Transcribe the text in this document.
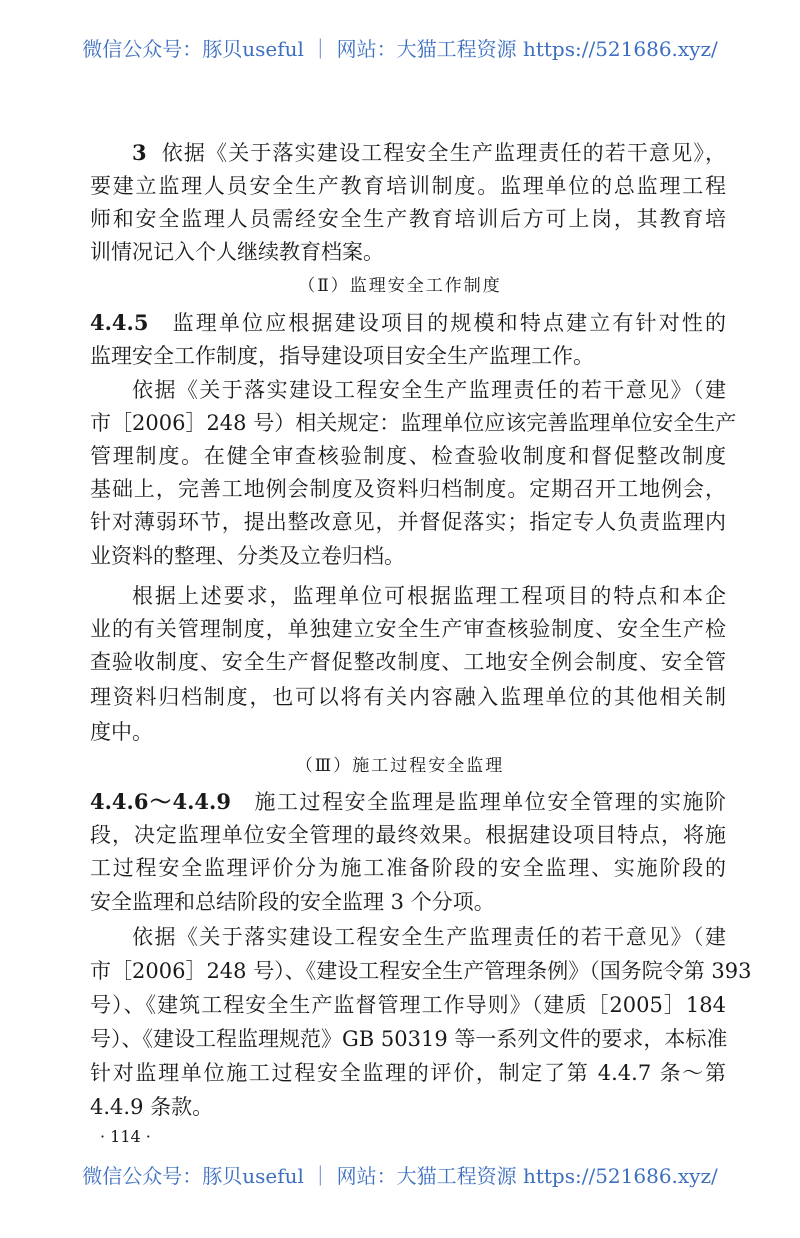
微信公众号：豚贝useful ｜ 网站：大猫工程资源 https://521686.xyz/
3 依据《关于落实建设工程安全生产监理责任的若干意见》，
要建立监理人员安全生产教育培训制度。监理单位的总监理工程
师和安全监理人员需经安全生产教育培训后方可上岗，其教育培
训情况记入个人继续教育档案。
（Ⅱ）监理安全工作制度
4.4.5 监理单位应根据建设项目的规模和特点建立有针对性的
监理安全工作制度，指导建设项目安全生产监理工作。
依据《关于落实建设工程安全生产监理责任的若干意见》（建
市［2006］248 号）相关规定：监理单位应该完善监理单位安全生产
管理制度。在健全审查核验制度、检查验收制度和督促整改制度
基础上，完善工地例会制度及资料归档制度。定期召开工地例会，
针对薄弱环节，提出整改意见，并督促落实；指定专人负责监理内
业资料的整理、分类及立卷归档。
根据上述要求，监理单位可根据监理工程项目的特点和本企
业的有关管理制度，单独建立安全生产审查核验制度、安全生产检
查验收制度、安全生产督促整改制度、工地安全例会制度、安全管
理资料归档制度，也可以将有关内容融入监理单位的其他相关制
度中。
（Ⅲ）施工过程安全监理
4.4.6～4.4.9 施工过程安全监理是监理单位安全管理的实施阶
段，决定监理单位安全管理的最终效果。根据建设项目特点，将施
工过程安全监理评价分为施工准备阶段的安全监理、实施阶段的
安全监理和总结阶段的安全监理 3 个分项。
依据《关于落实建设工程安全生产监理责任的若干意见》（建
市［2006］248 号）、《建设工程安全生产管理条例》（国务院令第 393
号）、《建筑工程安全生产监督管理工作导则》（建质［2005］184
号）、《建设工程监理规范》GB 50319 等一系列文件的要求，本标准
针对监理单位施工过程安全监理的评价，制定了第 4.4.7 条～第
4.4.9 条款。
· 114 ·
微信公众号：豚贝useful ｜ 网站：大猫工程资源 https://521686.xyz/
